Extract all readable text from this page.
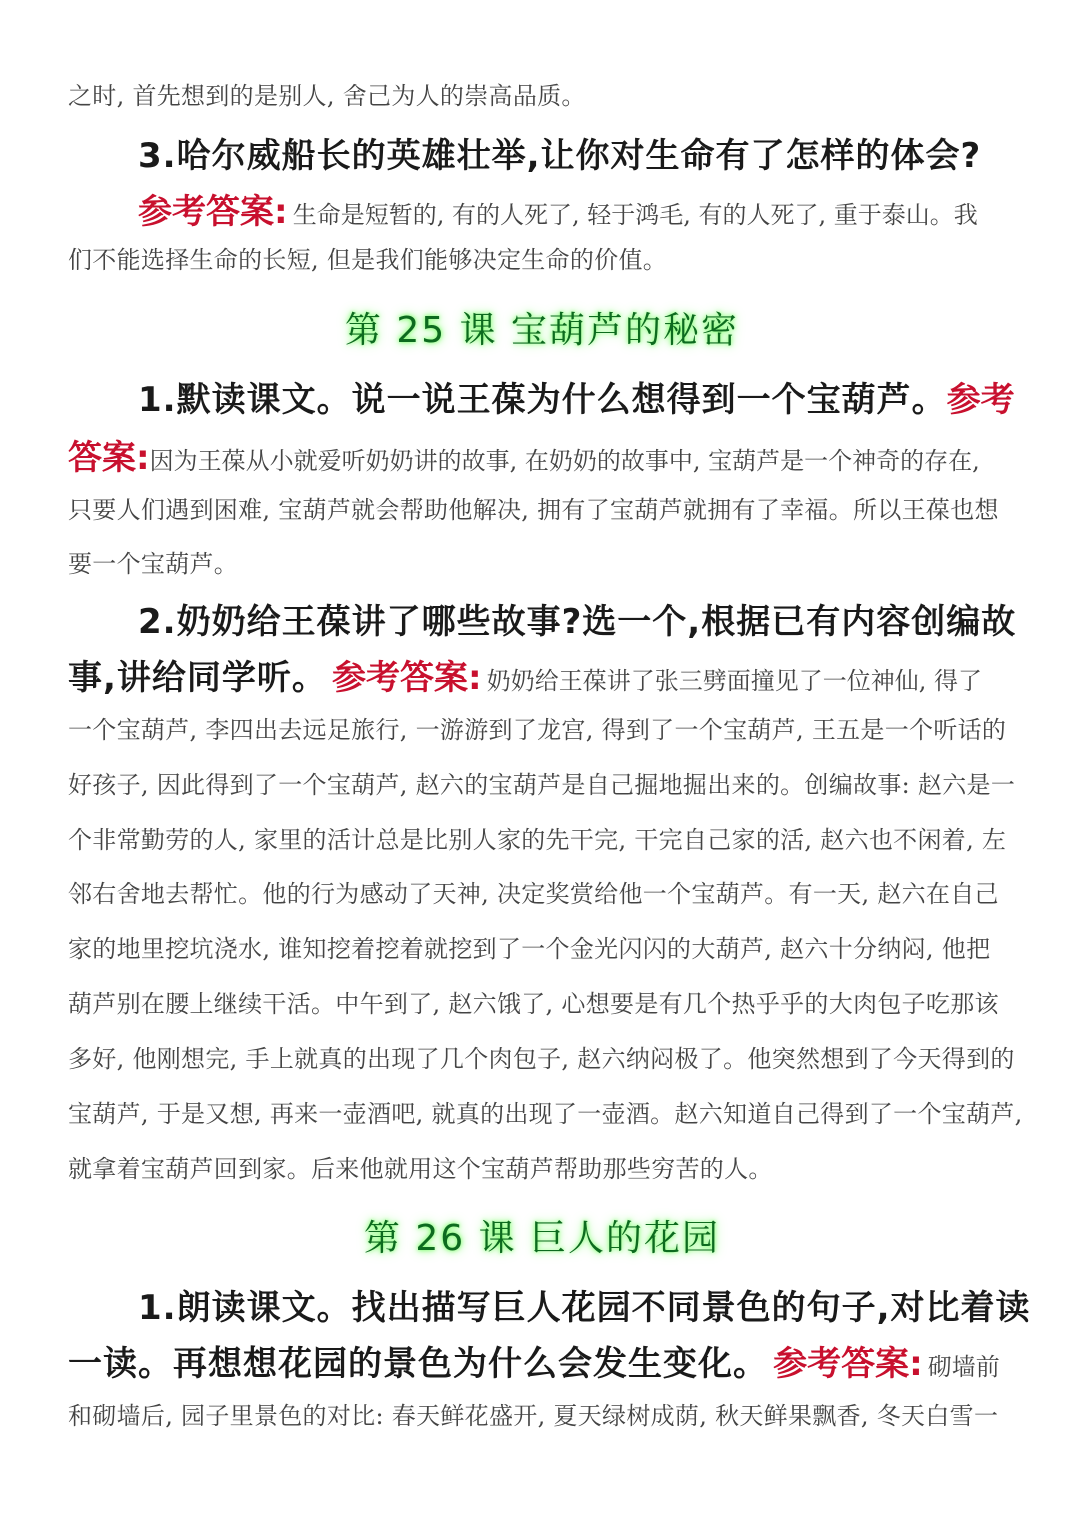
之时, 首先想到的是别人, 舍己为人的崇高品质。
3.哈尔威船长的英雄壮举,让你对生命有了怎样的体会?
参考答案: 生命是短暂的, 有的人死了, 轻于鸿毛, 有的人死了, 重于泰山。我
们不能选择生命的长短, 但是我们能够决定生命的价值。
第 25 课 宝葫芦的秘密
1.默读课文。说一说王葆为什么想得到一个宝葫芦。参考
答案:因为王葆从小就爱听奶奶讲的故事, 在奶奶的故事中, 宝葫芦是一个神奇的存在,
只要人们遇到困难, 宝葫芦就会帮助他解决, 拥有了宝葫芦就拥有了幸福。所以王葆也想
要一个宝葫芦。
2.奶奶给王葆讲了哪些故事?选一个,根据已有内容创编故
事,讲给同学听。 参考答案: 奶奶给王葆讲了张三劈面撞见了一位神仙, 得了
一个宝葫芦, 李四出去远足旅行, 一游游到了龙宫, 得到了一个宝葫芦, 王五是一个听话的
好孩子, 因此得到了一个宝葫芦, 赵六的宝葫芦是自己掘地掘出来的。创编故事: 赵六是一
个非常勤劳的人, 家里的活计总是比别人家的先干完, 干完自己家的活, 赵六也不闲着, 左
邻右舍地去帮忙。他的行为感动了天神, 决定奖赏给他一个宝葫芦。有一天, 赵六在自己
家的地里挖坑浇水, 谁知挖着挖着就挖到了一个金光闪闪的大葫芦, 赵六十分纳闷, 他把
葫芦别在腰上继续干活。中午到了, 赵六饿了, 心想要是有几个热乎乎的大肉包子吃那该
多好, 他刚想完, 手上就真的出现了几个肉包子, 赵六纳闷极了。他突然想到了今天得到的
宝葫芦, 于是又想, 再来一壶酒吧, 就真的出现了一壶酒。赵六知道自己得到了一个宝葫芦,
就拿着宝葫芦回到家。后来他就用这个宝葫芦帮助那些穷苦的人。
第 26 课 巨人的花园
1.朗读课文。找出描写巨人花园不同景色的句子,对比着读
一读。再想想花园的景色为什么会发生变化。 参考答案: 砌墙前
和砌墙后, 园子里景色的对比: 春天鲜花盛开, 夏天绿树成荫, 秋天鲜果飘香, 冬天白雪一
